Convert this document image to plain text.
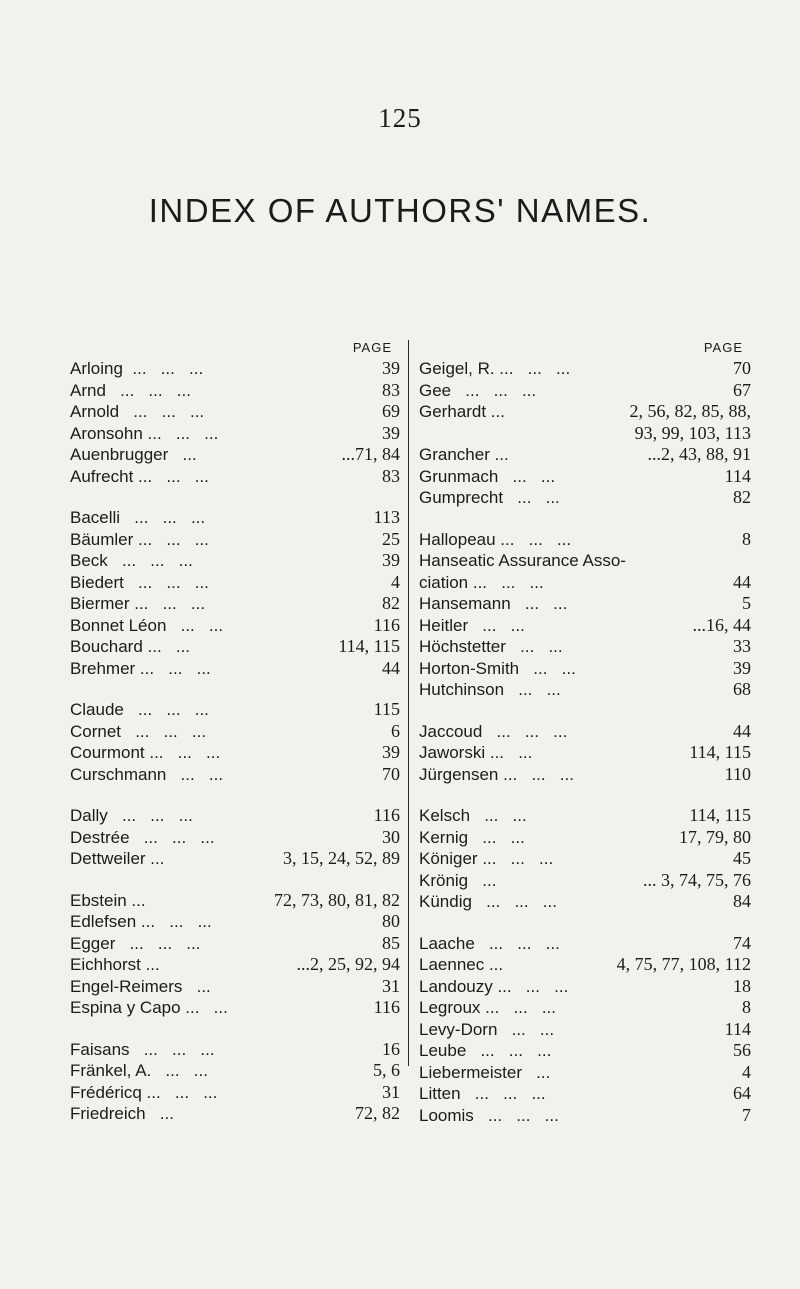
125
INDEX OF AUTHORS' NAMES.
PAGE
Arloing ...   ...   ...	39
Arnd ...   ...   ...	83
Arnold ...   ...   ...	69
Aronsohn ... ...   ...	39
Auenbrugger ...	...71, 84
Aufrecht ... ...   ...	83
Bacelli ...   ...   ...	113
Bäumler ... ...   ...	25
Beck ...   ...   ...	39
Biedert ...   ...   ...	4
Biermer ... ...   ...	82
Bonnet Léon ...   ...	116
Bouchard ... ...	114, 115
Brehmer ... ...   ...	44
Claude ...   ...   ...	115
Cornet ...   ...   ...	6
Courmont ... ...   ...	39
Curschmann ...   ...	70
Dally ...   ...   ...	116
Destrée ...   ...   ...	30
Dettweiler ...	3, 15, 24, 52, 89
Ebstein ...	72, 73, 80, 81, 82
Edlefsen ... ...   ...	80
Egger ...   ...   ...	85
Eichhorst ...	...2, 25, 92, 94
Engel-Reimers ...	31
Espina y Capo ... ...	116
Faisans ...   ...   ...	16
Fränkel, A. ...   ...	5, 6
Frédéricq ... ...   ...	31
Friedreich ...	72, 82
PAGE
Geigel, R. ... ...   ...	70
Gee ...   ...   ...	67
Gerhardt ...	2, 56, 82, 85, 88,
93, 99, 103, 113
Grancher ...	...2, 43, 88, 91
Grunmach ...   ...	114
Gumprecht ...   ...	82
Hallopeau ... ...   ...	8
Hanseatic Assurance Asso-
ciation ... ...   ...	44
Hansemann ...   ...	5
Heitler ...   ...	...16, 44
Höchstetter ...   ...	33
Horton-Smith ...   ...	39
Hutchinson ...   ...	68
Jaccoud ...   ...   ...	44
Jaworski ... ...	114, 115
Jürgensen ... ...   ...	110
Kelsch ...   ...	114, 115
Kernig ...   ...	17, 79, 80
Königer ... ...   ...	45
Krönig ...	... 3, 74, 75, 76
Kündig ...   ...   ...	84
Laache ...   ...   ...	74
Laennec ...	4, 75, 77, 108, 112
Landouzy ... ...   ...	18
Legroux ... ...   ...	8
Levy-Dorn ...   ...	114
Leube ...   ...   ...	56
Liebermeister ...	4
Litten ...   ...   ...	64
Loomis ...   ...   ...	7
